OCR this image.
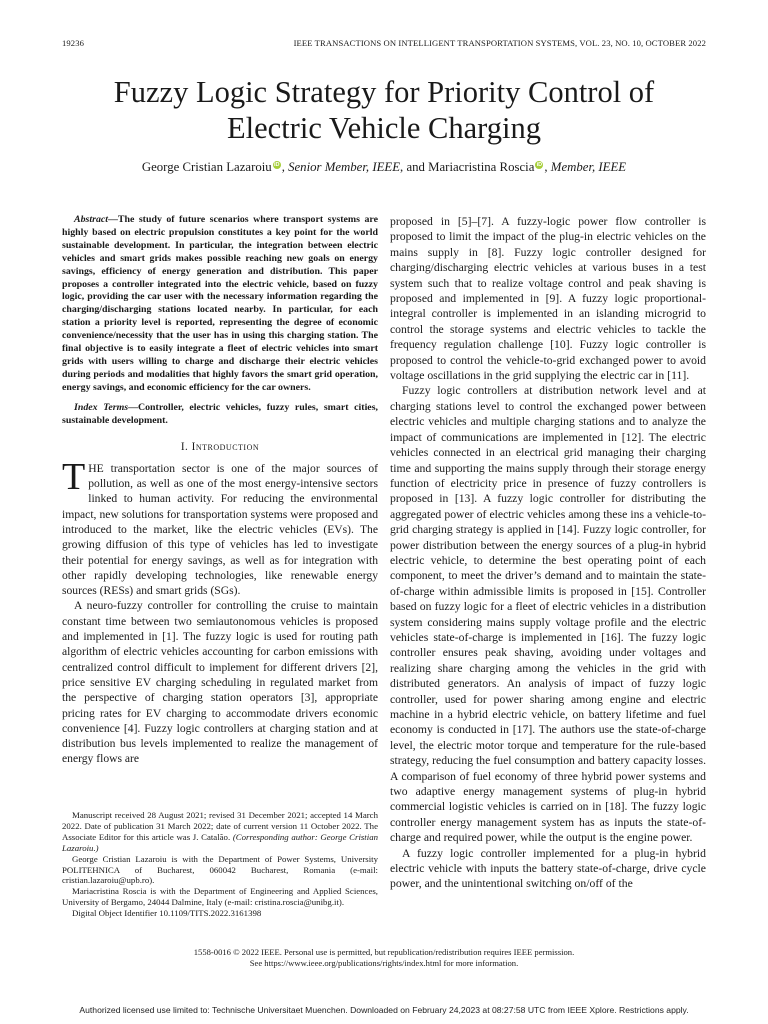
19236	IEEE TRANSACTIONS ON INTELLIGENT TRANSPORTATION SYSTEMS, VOL. 23, NO. 10, OCTOBER 2022
Fuzzy Logic Strategy for Priority Control of
Electric Vehicle Charging
George Cristian Lazaroiu iD , Senior Member, IEEE, and Mariacristina Roscia iD , Member, IEEE

Abstract—The study of future scenarios where transport systems are highly based on electric propulsion constitutes a key point for the world sustainable development. In particular, the integration between electric vehicles and smart grids makes possible reaching new goals on energy savings, efficiency of energy generation and distribution. This paper proposes a controller integrated into the electric vehicle, based on fuzzy logic, providing the car user with the necessary information regarding the charging/discharging stations located nearby. In particular, for each station a priority level is reported, representing the degree of economic convenience/necessity that the user has in using this charging station. The final objective is to easily integrate a fleet of electric vehicles into smart grids with users willing to charge and discharge their electric vehicles during periods and modalities that highly favors the smart grid operation, energy savings, and economic efficiency for the car owners.

Index Terms—Controller, electric vehicles, fuzzy rules, smart cities, sustainable development.

I. Introduction

THE transportation sector is one of the major sources of pollution, as well as one of the most energy-intensive sectors linked to human activity. For reducing the environmental impact, new solutions for transportation systems were proposed and introduced to the market, like the electric vehicles (EVs). The growing diffusion of this type of vehicles has led to investigate their potential for energy savings, as well as for integration with other rapidly developing technologies, like renewable energy sources (RESs) and smart grids (SGs).

A neuro-fuzzy controller for controlling the cruise to maintain constant time between two semiautonomous vehicles is proposed and implemented in [1]. The fuzzy logic is used for routing path algorithm of electric vehicles accounting for carbon emissions with centralized control difficult to implement for different drivers [2], price sensitive EV charging scheduling in regulated market from the perspective of charging station operators [3], appropriate pricing rates for EV charging to accommodate drivers economic convenience [4]. Fuzzy logic controllers at charging station and at distribution bus levels implemented to realize the management of energy flows are

Manuscript received 28 August 2021; revised 31 December 2021; accepted 14 March 2022. Date of publication 31 March 2022; date of current version 11 October 2022. The Associate Editor for this article was J. Catalão. (Corresponding author: George Cristian Lazaroiu.)

George Cristian Lazaroiu is with the Department of Power Systems, University POLITEHNICA of Bucharest, 060042 Bucharest, Romania (e-mail: cristian.lazaroiu@upb.ro).

Mariacristina Roscia is with the Department of Engineering and Applied Sciences, University of Bergamo, 24044 Dalmine, Italy (e-mail: cristina.roscia@unibg.it).

Digital Object Identifier 10.1109/TITS.2022.3161398

proposed in [5]–[7]. A fuzzy-logic power flow controller is proposed to limit the impact of the plug-in electric vehicles on the mains supply in [8]. Fuzzy logic controller designed for charging/discharging electric vehicles at various buses in a test system such that to realize voltage control and peak shaving is proposed and implemented in [9]. A fuzzy logic proportional-integral controller is implemented in an islanding microgrid to control the storage systems and electric vehicles to tackle the frequency regulation challenge [10]. Fuzzy logic controller is proposed to control the vehicle-to-grid exchanged power to avoid voltage oscillations in the grid supplying the electric car in [11].

Fuzzy logic controllers at distribution network level and at charging stations level to control the exchanged power between electric vehicles and multiple charging stations and to analyze the impact of communications are implemented in [12]. The electric vehicles connected in an electrical grid managing their charging time and supporting the mains supply through their storage energy function of electricity price in presence of fuzzy controllers is proposed in [13]. A fuzzy logic controller for distributing the aggregated power of electric vehicles among these ins a vehicle-to-grid charging strategy is applied in [14]. Fuzzy logic controller, for power distribution between the energy sources of a plug-in hybrid electric vehicle, to determine the best operating point of each component, to meet the driver’s demand and to maintain the state-of-charge within admissible limits is proposed in [15]. Controller based on fuzzy logic for a fleet of electric vehicles in a distribution system considering mains supply voltage profile and the electric vehicles state-of-charge is implemented in [16]. The fuzzy logic controller ensures peak shaving, avoiding under voltages and realizing share charging among the vehicles in the grid with distributed generators. An analysis of impact of fuzzy logic controller, used for power sharing among engine and electric machine in a hybrid electric vehicle, on battery lifetime and fuel economy is conducted in [17]. The authors use the state-of-charge level, the electric motor torque and temperature for the rule-based strategy, reducing the fuel consumption and battery capacity losses. A comparison of fuel economy of three hybrid power systems and two adaptive energy management systems of plug-in hybrid commercial logistic vehicles is carried on in [18]. The fuzzy logic controller energy management system has as inputs the state-of-charge and required power, while the output is the engine power.

A fuzzy logic controller implemented for a plug-in hybrid electric vehicle with inputs the battery state-of-charge, drive cycle power, and the unintentional switching on/off of the

1558-0016 © 2022 IEEE. Personal use is permitted, but republication/redistribution requires IEEE permission.
See https://www.ieee.org/publications/rights/index.html for more information.
Authorized licensed use limited to: Technische Universitaet Muenchen. Downloaded on February 24,2023 at 08:27:58 UTC from IEEE Xplore. Restrictions apply.
